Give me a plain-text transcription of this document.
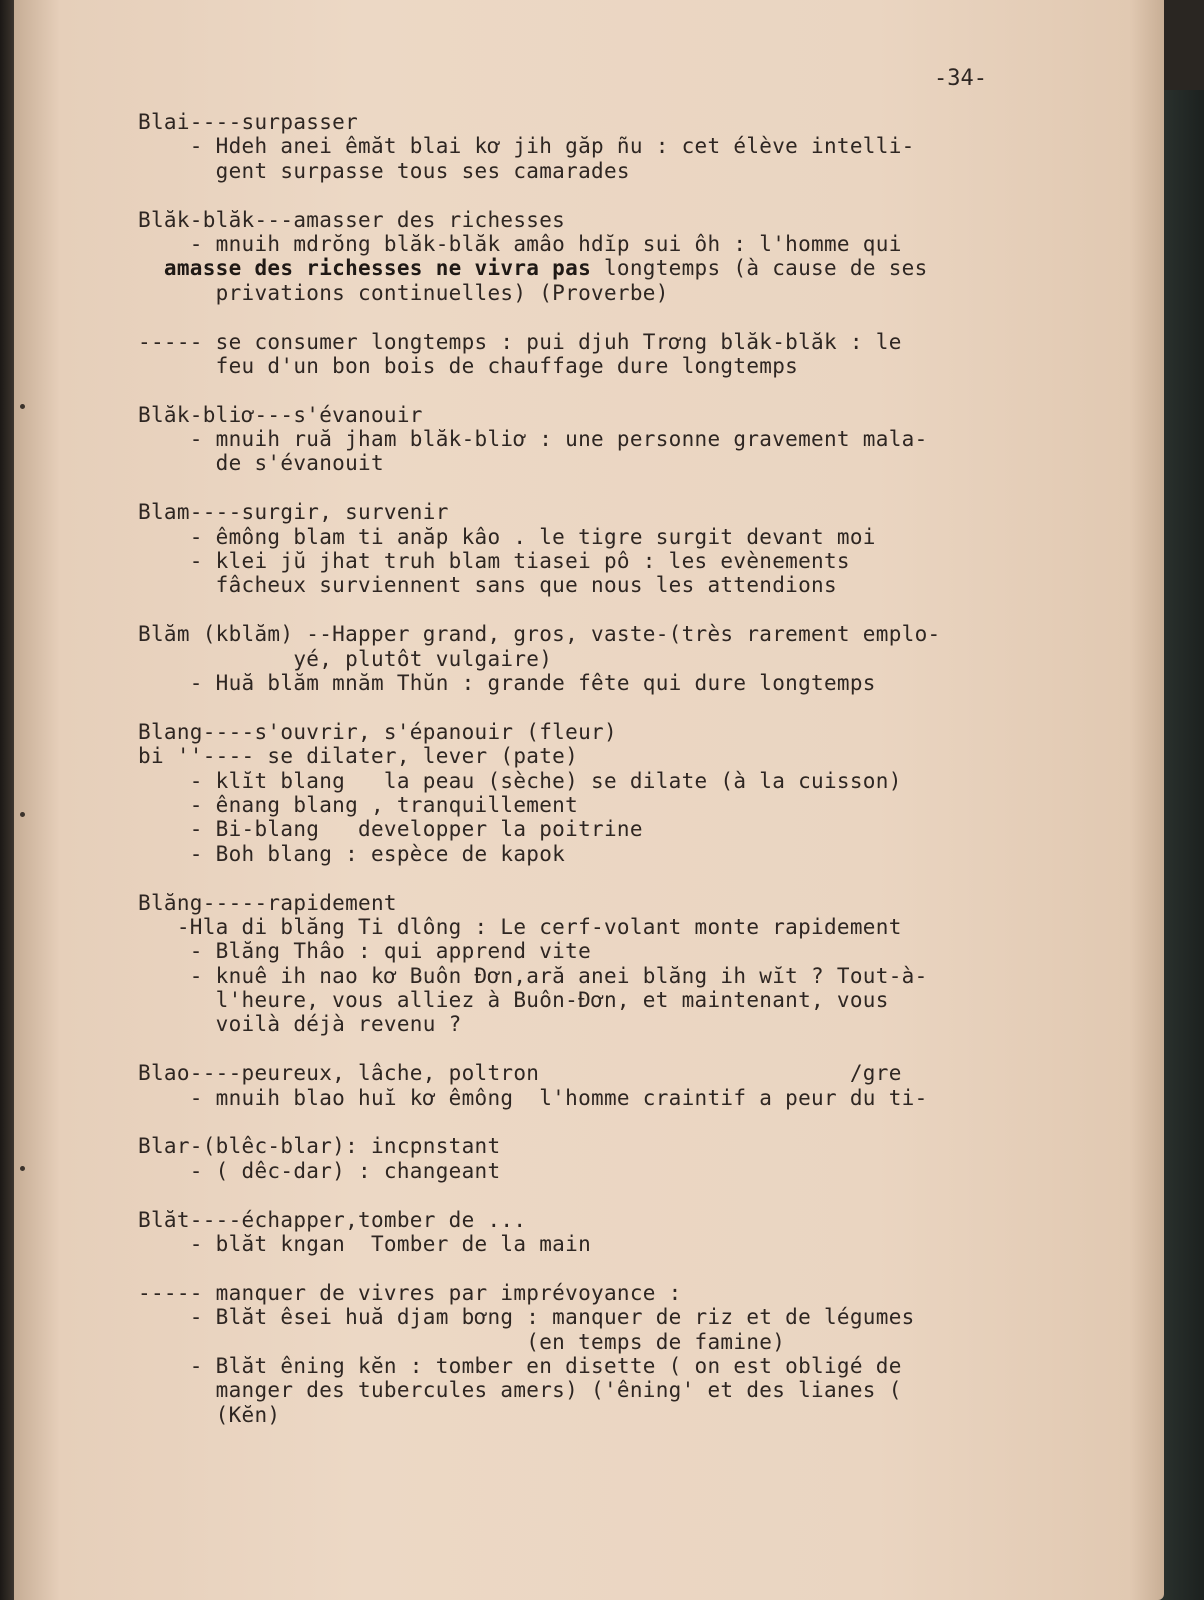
-34-
Blai----surpasser
- Hdeh anei êmăt blai kơ jih găp ñu : cet élève intelli-
gent surpasse tous ses camarades
Blăk-blăk---amasser des richesses
- mnuih mdrŏng blăk-blăk amâo hdĭp sui ôh : l'homme qui
amasse des richesses ne vivra pas longtemps (à cause de ses
privations continuelles) (Proverbe)
----- se consumer longtemps : pui djuh Trơng blăk-blăk : le
feu d'un bon bois de chauffage dure longtemps
Blăk-bliơ---s'évanouir
- mnuih ruă jham blăk-bliơ : une personne gravement mala-
de s'évanouit
Blam----surgir, survenir
- êmông blam ti anăp kâo . le tigre surgit devant moi
- klei jŭ jhat truh blam tiasei pô : les evènements
fâcheux surviennent sans que nous les attendions
Blăm (kblăm) --Happer grand, gros, vaste-(très rarement emplo-
yé, plutôt vulgaire)
- Huă blăm mnăm Thŭn : grande fête qui dure longtemps
Blang----s'ouvrir, s'épanouir (fleur)
bi ''---- se dilater, lever (pate)
- klĭt blang   la peau (sèche) se dilate (à la cuisson)
- ênang blang , tranquillement
- Bi-blang   developper la poitrine
- Boh blang : espèce de kapok
Blăng-----rapidement
-Hla di blăng Ti dlông : Le cerf-volant monte rapidement
- Blăng Thâo : qui apprend vite
- knuê ih nao kơ Buôn Đơn,ară anei blăng ih wĭt ? Tout-à-
l'heure, vous alliez à Buôn-Đơn, et maintenant, vous
voilà déjà revenu ?
Blao----peureux, lâche, poltron                        /gre
- mnuih blao huĭ kơ êmông  l'homme craintif a peur du ti-
Blar-(blêc-blar): incpnstant
- ( dêc-dar) : changeant
Blăt----échapper,tomber de ...
- blăt kngan  Tomber de la main
----- manquer de vivres par imprévoyance :
- Blăt êsei huă djam bơng : manquer de riz et de légumes
(en temps de famine)
- Blăt êning kĕn : tomber en disette ( on est obligé de
manger des tubercules amers) ('êning' et des lianes (
(Kĕn)
